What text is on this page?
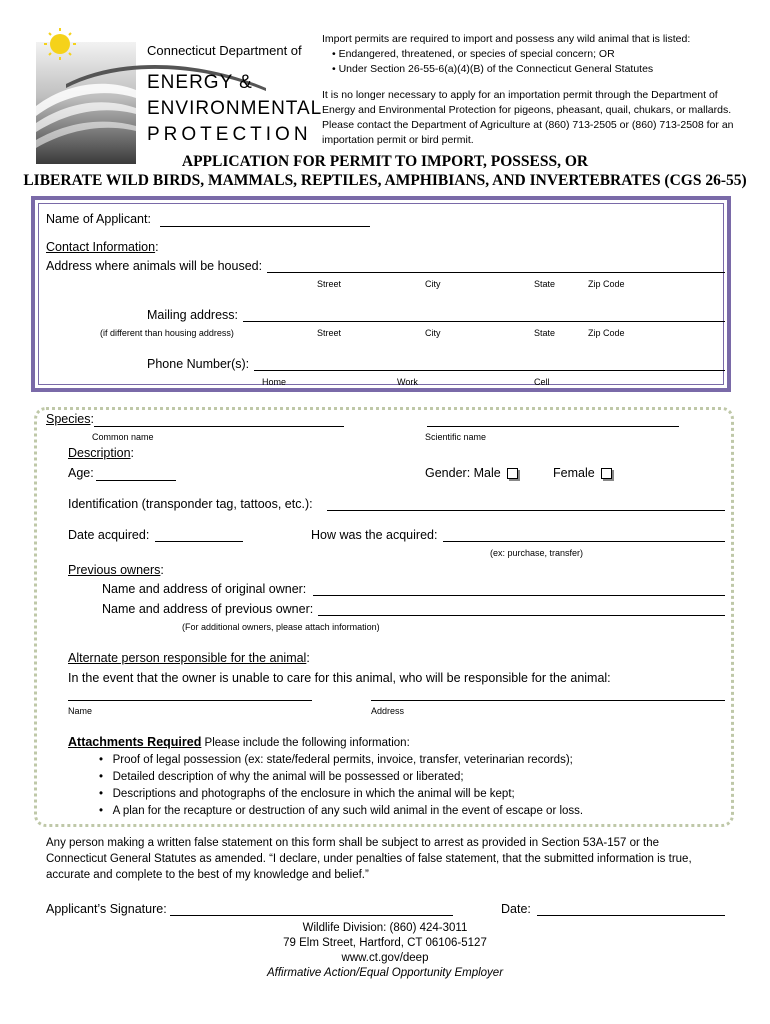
Connecticut Department of
ENERGY &
ENVIRONMENTAL
PROTECTION
Import permits are required to import and possess any wild animal that is listed:
• Endangered, threatened, or species of special concern; OR
• Under Section 26-55-6(a)(4)(B) of the Connecticut General Statutes
It is no longer necessary to apply for an importation permit through the Department of
Energy and Environmental Protection for pigeons, pheasant, quail, chukars, or mallards.
Please contact the Department of Agriculture at (860) 713-2505 or (860) 713-2508 for an
importation permit or bird permit.
APPLICATION FOR PERMIT TO IMPORT, POSSESS, OR
LIBERATE WILD BIRDS, MAMMALS, REPTILES, AMPHIBIANS, AND INVERTEBRATES (CGS 26-55)
Name of Applicant:
Contact Information:
Address where animals will be housed:
Street	City	State	Zip Code
Mailing address:
(if different than housing address)	Street	City	State	Zip Code
Phone Number(s):
Home	Work	Cell
Species:
Common name	Scientific name
Description:
Age:	Gender: Male	Female
Identification (transponder tag, tattoos, etc.):
Date acquired:	How was the acquired:
(ex: purchase, transfer)
Previous owners:
Name and address of original owner:
Name and address of previous owner:
(For additional owners, please attach information)
Alternate person responsible for the animal:
In the event that the owner is unable to care for this animal, who will be responsible for the animal:
Name	Address
Attachments Required Please include the following information:
•   Proof of legal possession (ex: state/federal permits, invoice, transfer, veterinarian records);
•   Detailed description of why the animal will be possessed or liberated;
•   Descriptions and photographs of the enclosure in which the animal will be kept;
•   A plan for the recapture or destruction of any such wild animal in the event of escape or loss.
Any person making a written false statement on this form shall be subject to arrest as provided in Section 53A-157 or the
Connecticut General Statutes as amended. “I declare, under penalties of false statement, that the submitted information is true,
accurate and complete to the best of my knowledge and belief.”
Applicant’s Signature:	Date:
Wildlife Division: (860) 424-3011
79 Elm Street, Hartford, CT 06106-5127
www.ct.gov/deep
Affirmative Action/Equal Opportunity Employer
